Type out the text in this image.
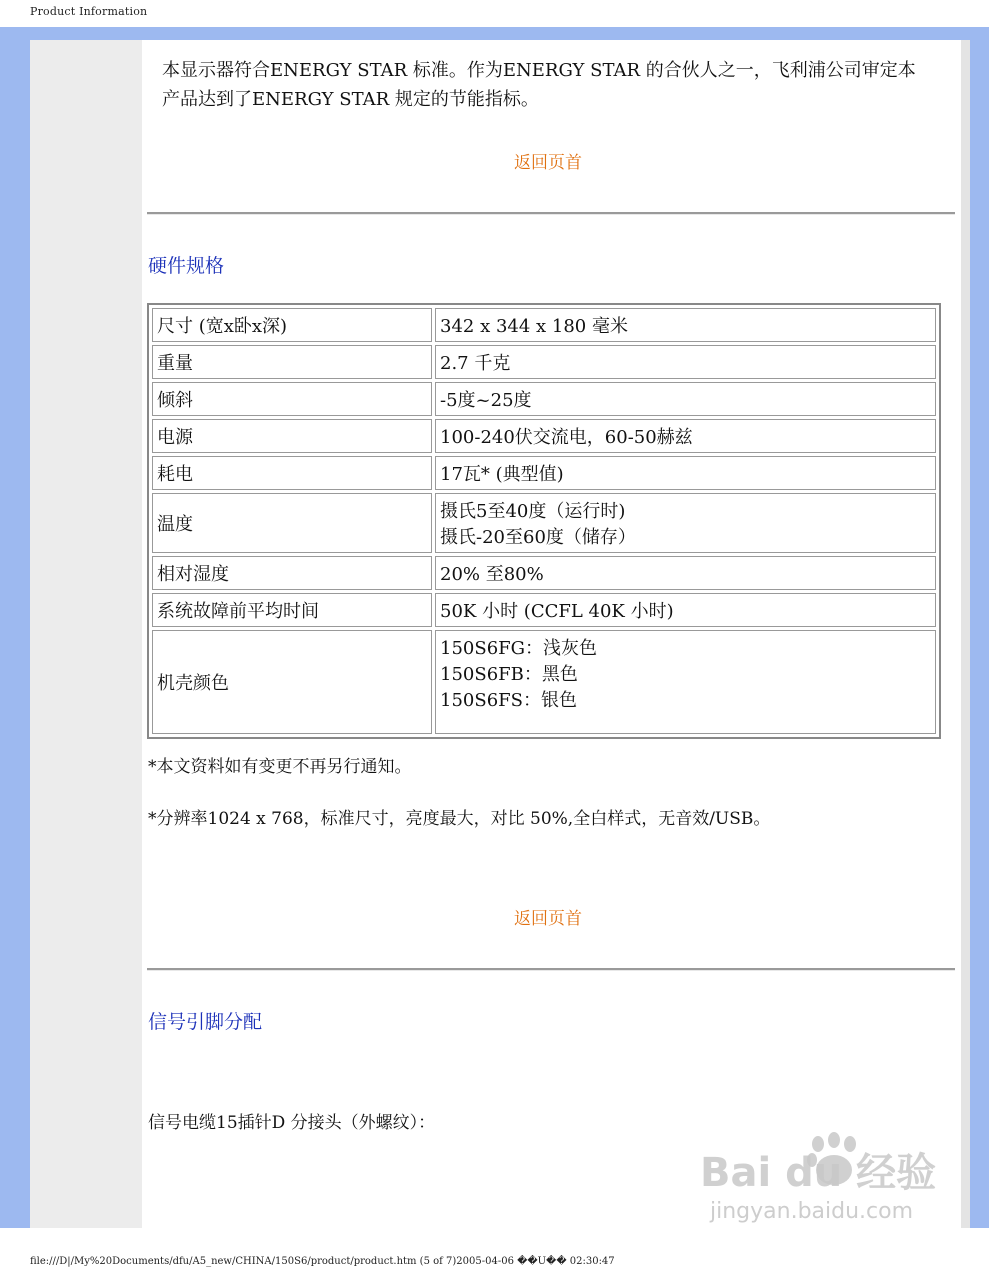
Product Information
本显示器符合ENERGY STAR 标准。作为ENERGY STAR 的合伙人之一，飞利浦公司审定本产品达到了ENERGY STAR 规定的节能指标。
返回页首
硬件规格
尺寸 (宽x卧x深)	342 x 344 x 180 毫米
重量	2.7 千克
倾斜	-5度~25度
电源	100-240伏交流电，60-50赫兹
耗电	17瓦* (典型值)
温度	摄氏5至40度（运行时)
摄氏-20至60度（储存）

相对湿度	20% 至80%
系统故障前平均时间	50K 小时 (CCFL 40K 小时)
机壳颜色	150S6FG：浅灰色
150S6FB：黑色
150S6FS：银色
*本文资料如有变更不再另行通知。
*分辨率1024 x 768，标准尺寸，亮度最大，对比 50%,全白样式，无音效/USB。
返回页首
信号引脚分配
信号电缆15插针D 分接头（外螺纹）：
Bai du 经验
jingyan.baidu.com
file:///D|/My%20Documents/dfu/A5_new/CHINA/150S6/product/product.htm (5 of 7)2005-04-06 ��U�� 02:30:47
